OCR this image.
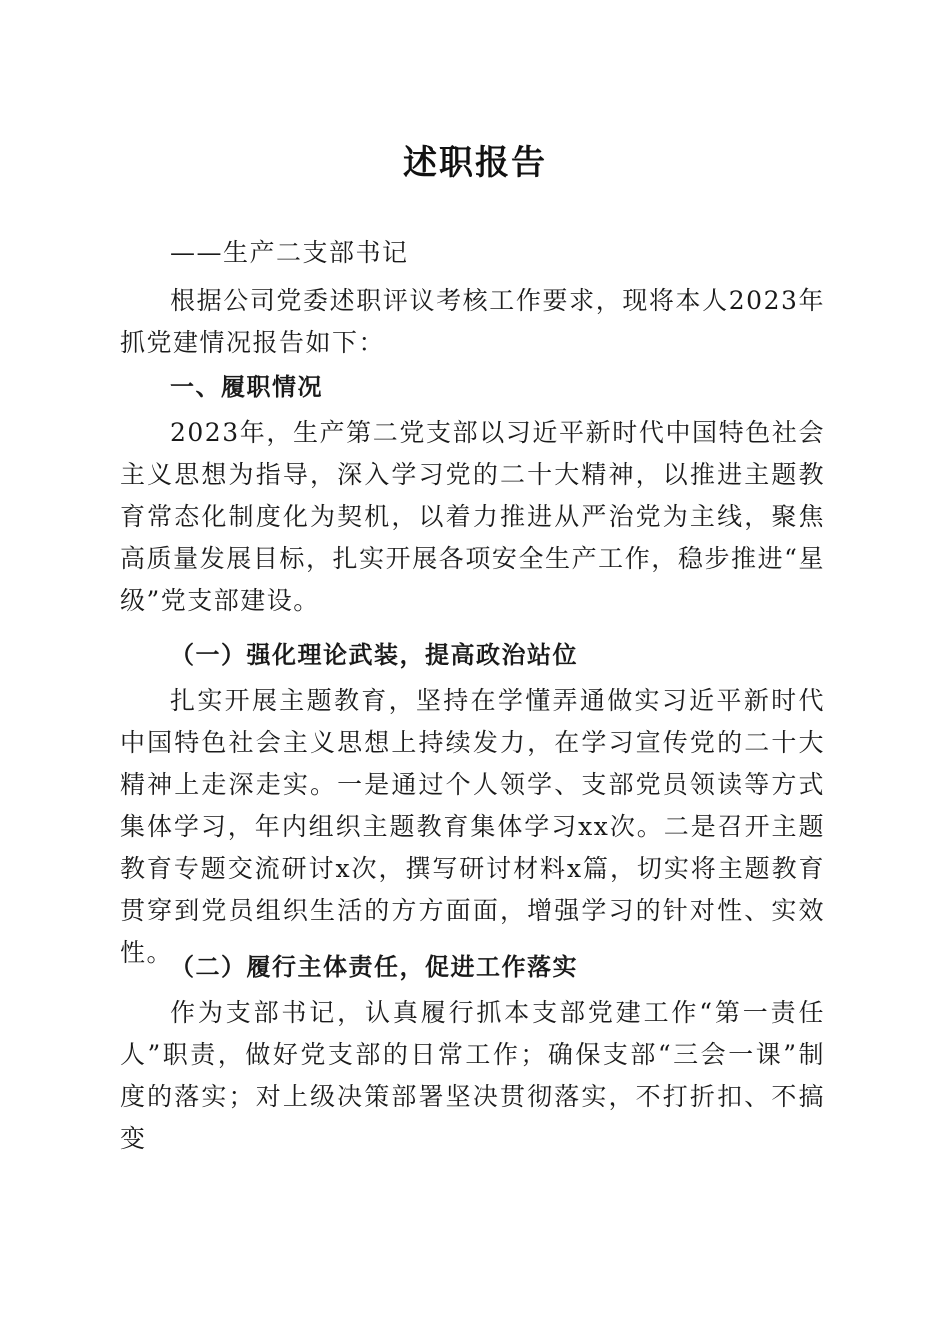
述职报告
——生产二支部书记
根据公司党委述职评议考核工作要求，现将本人2023年抓党建情况报告如下：
一、履职情况
2023年，生产第二党支部以习近平新时代中国特色社会主义思想为指导，深入学习党的二十大精神，以推进主题教育常态化制度化为契机，以着力推进从严治党为主线，聚焦高质量发展目标，扎实开展各项安全生产工作，稳步推进“星级”党支部建设。
（一）强化理论武装，提高政治站位
扎实开展主题教育，坚持在学懂弄通做实习近平新时代中国特色社会主义思想上持续发力，在学习宣传党的二十大精神上走深走实。一是通过个人领学、支部党员领读等方式集体学习，年内组织主题教育集体学习xx次。二是召开主题教育专题交流研讨x次，撰写研讨材料x篇，切实将主题教育贯穿到党员组织生活的方方面面，增强学习的针对性、实效性。
（二）履行主体责任，促进工作落实
作为支部书记，认真履行抓本支部党建工作“第一责任人”职责，做好党支部的日常工作；确保支部“三会一课”制度的落实；对上级决策部署坚决贯彻落实，不打折扣、不搞变
